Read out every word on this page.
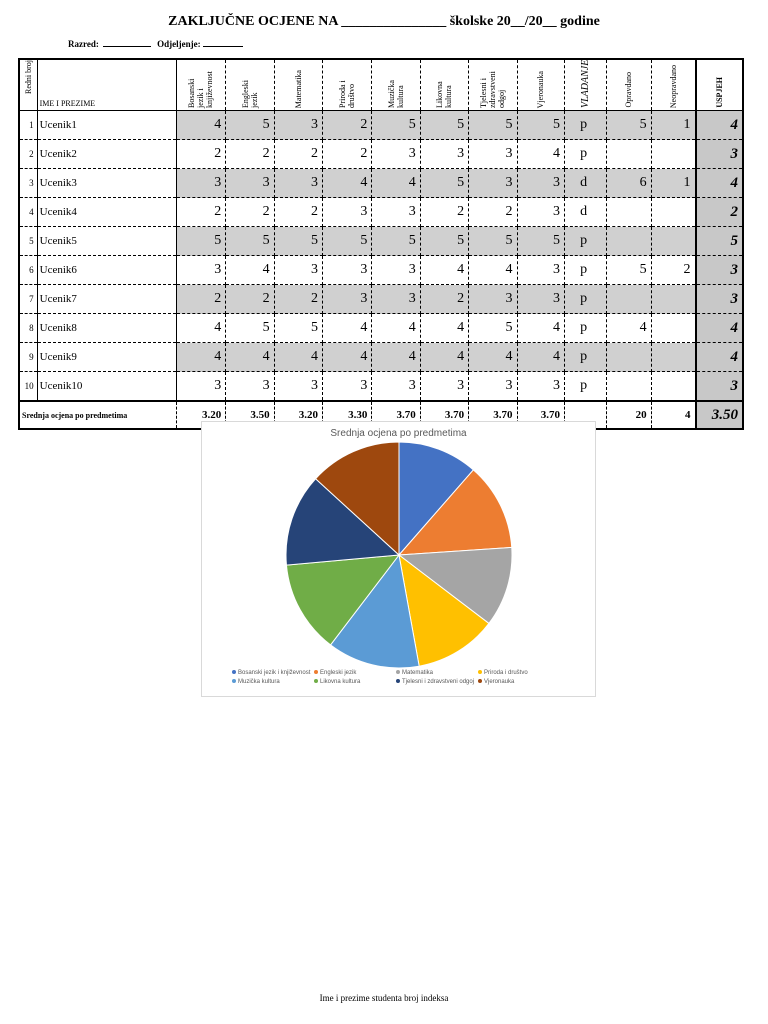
ZAKLJUČNE OCJENE NA _______________ školske 20__/20__ godine
Razred:	Odjeljenje:
Redni broj	IME I PREZIME	Bosanski jezik i književnost	Engleski jezik	Matematika	Priroda i društvo	Muzička kultura	Likovna kultura	Tjelesni i zdravstveni odgoj	Vjeronauka	VLADANJE	Opravdano	Neopravdano	USPJEH
1	Ucenik1	4	5	3	2	5	5	5	5	p	5	1	4
2	Ucenik2	2	2	2	2	3	3	3	4	p			3
3	Ucenik3	3	3	3	4	4	5	3	3	d	6	1	4
4	Ucenik4	2	2	2	3	3	2	2	3	d			2
5	Ucenik5	5	5	5	5	5	5	5	5	p			5
6	Ucenik6	3	4	3	3	3	4	4	3	p	5	2	3
7	Ucenik7	2	2	2	3	3	2	3	3	p			3
8	Ucenik8	4	5	5	4	4	4	5	4	p	4		4
9	Ucenik9	4	4	4	4	4	4	4	4	p			4
10	Ucenik10	3	3	3	3	3	3	3	3	p			3
Srednja ocjena po predmetima		3.20	3.50	3.20	3.30	3.70	3.70	3.70	3.70		20	4	3.50
Srednja ocjena po predmetima
Bosanski jezik i književnost Engleski jezik	Matematika	Priroda i društvoMuzička kultura	Likovna kultura	Tjelesni i zdravstveni odgoj Vjeronauka
Ime i prezime studenta broj indeksa
